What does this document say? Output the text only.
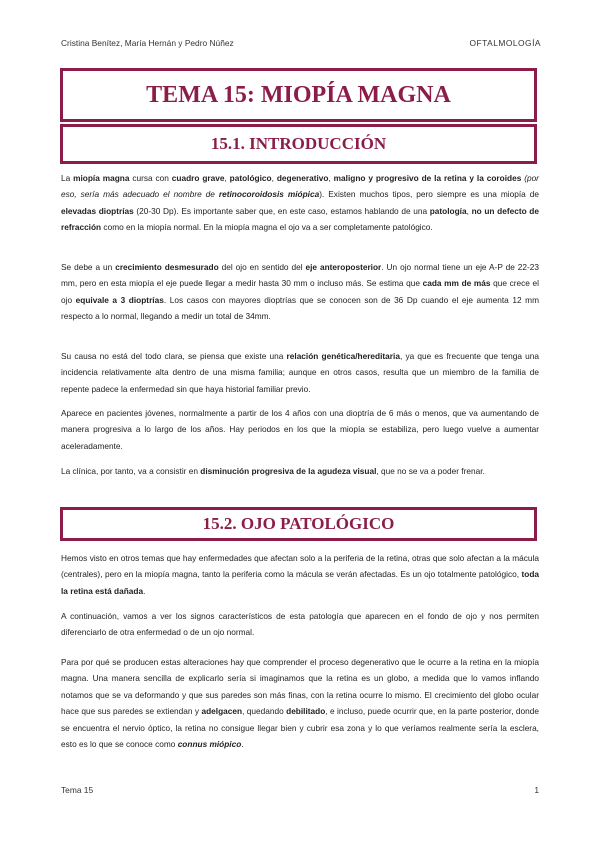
Cristina Benítez, María Hernán y Pedro Núñez	OFTALMOLOGÍA
TEMA 15: MIOPÍA MAGNA
15.1. INTRODUCCIÓN
La miopía magna cursa con cuadro grave, patológico, degenerativo, maligno y progresivo de la retina y la coroides (por eso, sería más adecuado el nombre de retinocoroidosis miópica). Existen muchos tipos, pero siempre es una miopía de elevadas dioptrías (20-30 Dp). Es importante saber que, en este caso, estamos hablando de una patología, no un defecto de refracción como en la miopía normal. En la miopía magna el ojo va a ser completamente patológico.
Se debe a un crecimiento desmesurado del ojo en sentido del eje anteroposterior. Un ojo normal tiene un eje A-P de 22-23 mm, pero en esta miopía el eje puede llegar a medir hasta 30 mm o incluso más. Se estima que cada mm de más que crece el ojo equivale a 3 dioptrías. Los casos con mayores dioptrías que se conocen son de 36 Dp cuando el eje aumenta 12 mm respecto a lo normal, llegando a medir un total de 34mm.
Su causa no está del todo clara, se piensa que existe una relación genética/hereditaria, ya que es frecuente que tenga una incidencia relativamente alta dentro de una misma familia; aunque en otros casos, resulta que un miembro de la familia de repente padece la enfermedad sin que haya historial familiar previo.
Aparece en pacientes jóvenes, normalmente a partir de los 4 años con una dioptría de 6 más o menos, que va aumentando de manera progresiva a lo largo de los años. Hay periodos en los que la miopía se estabiliza, pero luego vuelve a aumentar aceleradamente.
La clínica, por tanto, va a consistir en disminución progresiva de la agudeza visual, que no se va a poder frenar.
15.2. OJO PATOLÓGICO
Hemos visto en otros temas que hay enfermedades que afectan solo a la periferia de la retina, otras que solo afectan a la mácula (centrales), pero en la miopía magna, tanto la periferia como la mácula se verán afectadas. Es un ojo totalmente patológico, toda la retina está dañada.
A continuación, vamos a ver los signos característicos de esta patología que aparecen en el fondo de ojo y nos permiten diferenciarlo de otra enfermedad o de un ojo normal.
Para por qué se producen estas alteraciones hay que comprender el proceso degenerativo que le ocurre a la retina en la miopía magna. Una manera sencilla de explicarlo sería si imaginamos que la retina es un globo, a medida que lo vamos inflando notamos que se va deformando y que sus paredes son más finas, con la retina ocurre lo mismo. El crecimiento del globo ocular hace que sus paredes se extiendan y adelgacen, quedando debilitado, e incluso, puede ocurrir que, en la parte posterior, donde se encuentra el nervio óptico, la retina no consigue llegar bien y cubrir esa zona y lo que veríamos realmente sería la esclera, esto es lo que se conoce como connus miópico.
Tema 15	1
